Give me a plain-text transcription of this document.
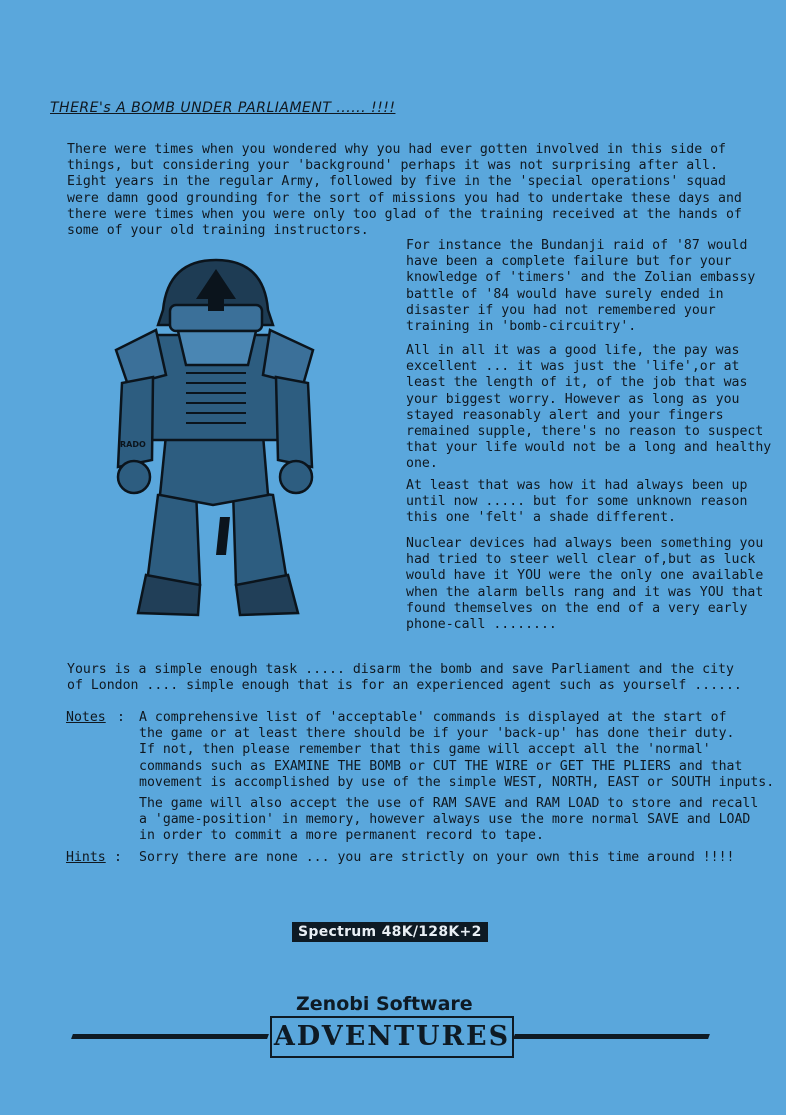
THERE's A BOMB UNDER PARLIAMENT ...... !!!!
There were times when you wondered why you had ever gotten involved in this side of
things, but considering your 'background' perhaps it was not surprising after all.
Eight years in the regular Army, followed by five in the 'special operations' squad
were damn good grounding for the sort of missions you had to undertake these days and
there were times when you were only too glad of the training received at the hands of
some of your old training instructors.
RADO
For instance the Bundanji raid of '87 would
have been a complete failure but for your
knowledge of 'timers' and the Zolian embassy
battle of '84 would have surely ended in
disaster if you had not remembered your
training in 'bomb-circuitry'.
All in all it was a good life, the pay was
excellent ... it was just the 'life',or at
least the length of it, of the job that was
your biggest worry. However as long as you
stayed reasonably alert and your fingers
remained supple, there's no reason to suspect
that your life would not be a long and healthy
one.
At least that was how it had always been up
until now ..... but for some unknown reason
this one 'felt' a shade different.
Nuclear devices had always been something you
had tried to steer well clear of,but as luck
would have it YOU were the only one available
when the alarm bells rang and it was YOU that
found themselves on the end of a very early
phone-call ........
Yours is a simple enough task ..... disarm the bomb and save Parliament and the city
of London .... simple enough that is for an experienced agent such as yourself ......
Notes : A comprehensive list of 'acceptable' commands is displayed at the start of
the game or at least there should be if your 'back-up' has done their duty.
If not, then please remember that this game will accept all the 'normal'
commands such as EXAMINE THE BOMB or CUT THE WIRE or GET THE PLIERS and that
movement is accomplished by use of the simple WEST, NORTH, EAST or SOUTH inputs.
The game will also accept the use of RAM SAVE and RAM LOAD to store and recall
a 'game-position' in memory, however always use the more normal SAVE and LOAD
in order to commit a more permanent record to tape.
Hints : Sorry there are none ... you are strictly on your own this time around !!!!
Spectrum 48K/128K+2
Zenobi Software
ADVENTURES
